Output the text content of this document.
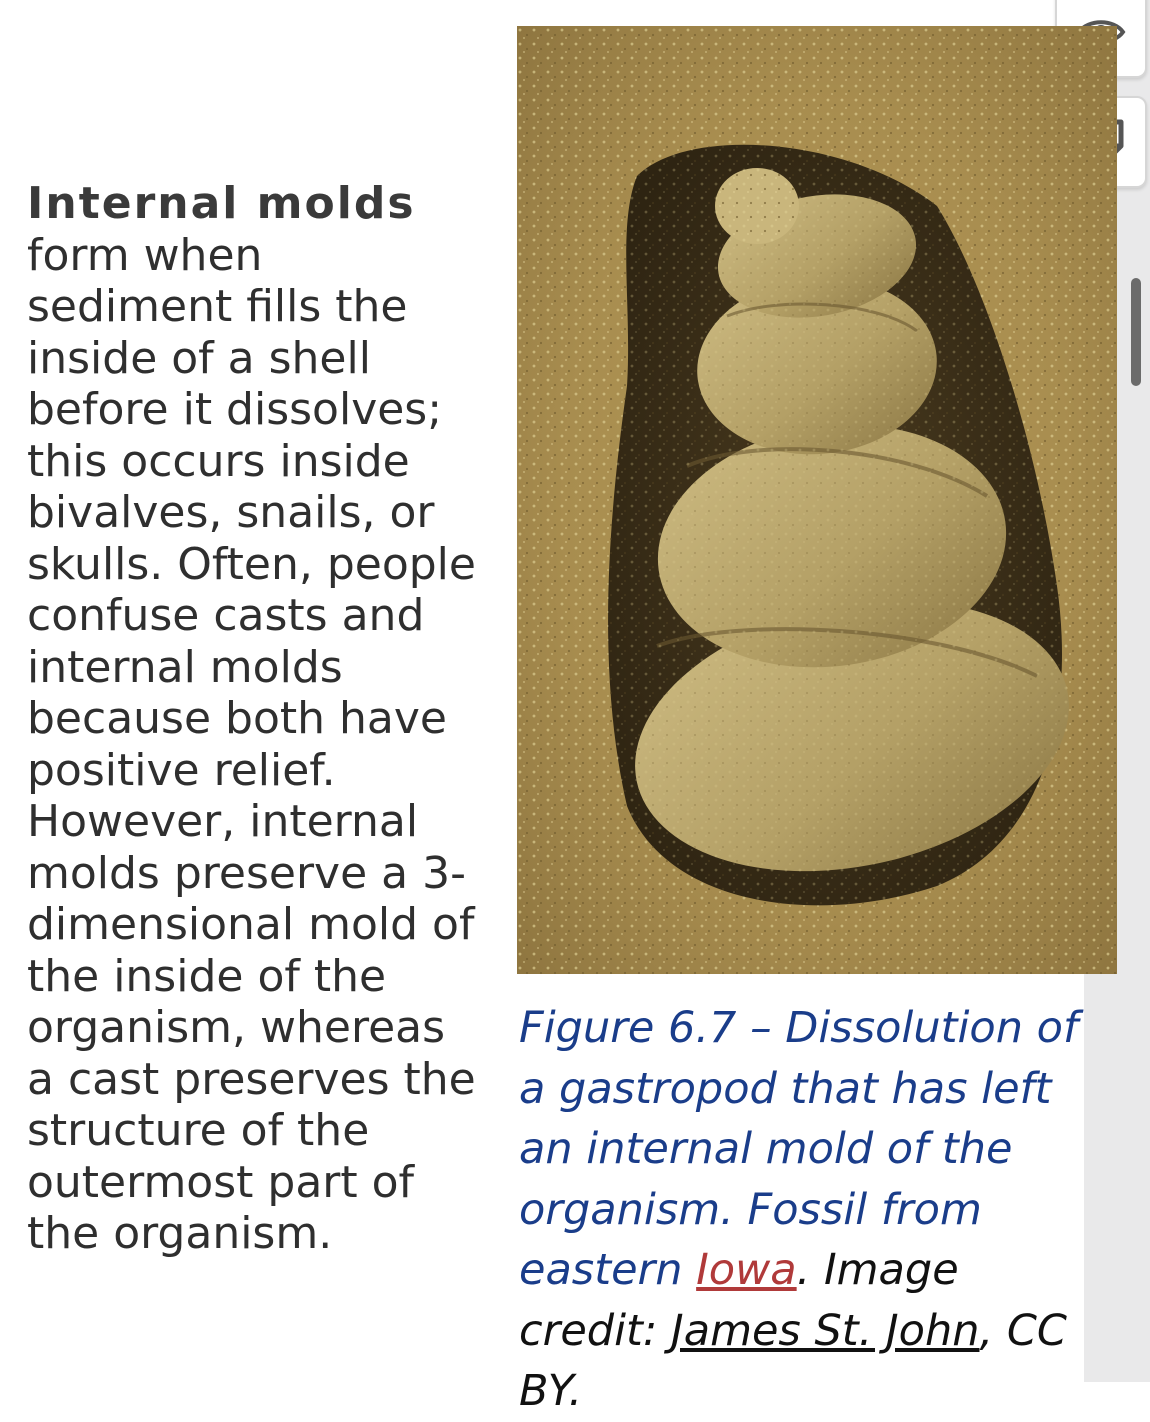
Internal molds form when sediment fills the inside of a shell before it dissolves; this occurs inside bivalves, snails, or skulls. Often, people confuse casts and internal molds because both have positive relief. However, internal molds preserve a 3-dimensional mold of the inside of the organism, whereas a cast preserves the structure of the outermost part of the organism.

Figure 6.7 – Dissolution of a gastropod that has left an internal mold of the organism. Fossil from eastern Iowa. Image credit: James St. John, CC BY.
